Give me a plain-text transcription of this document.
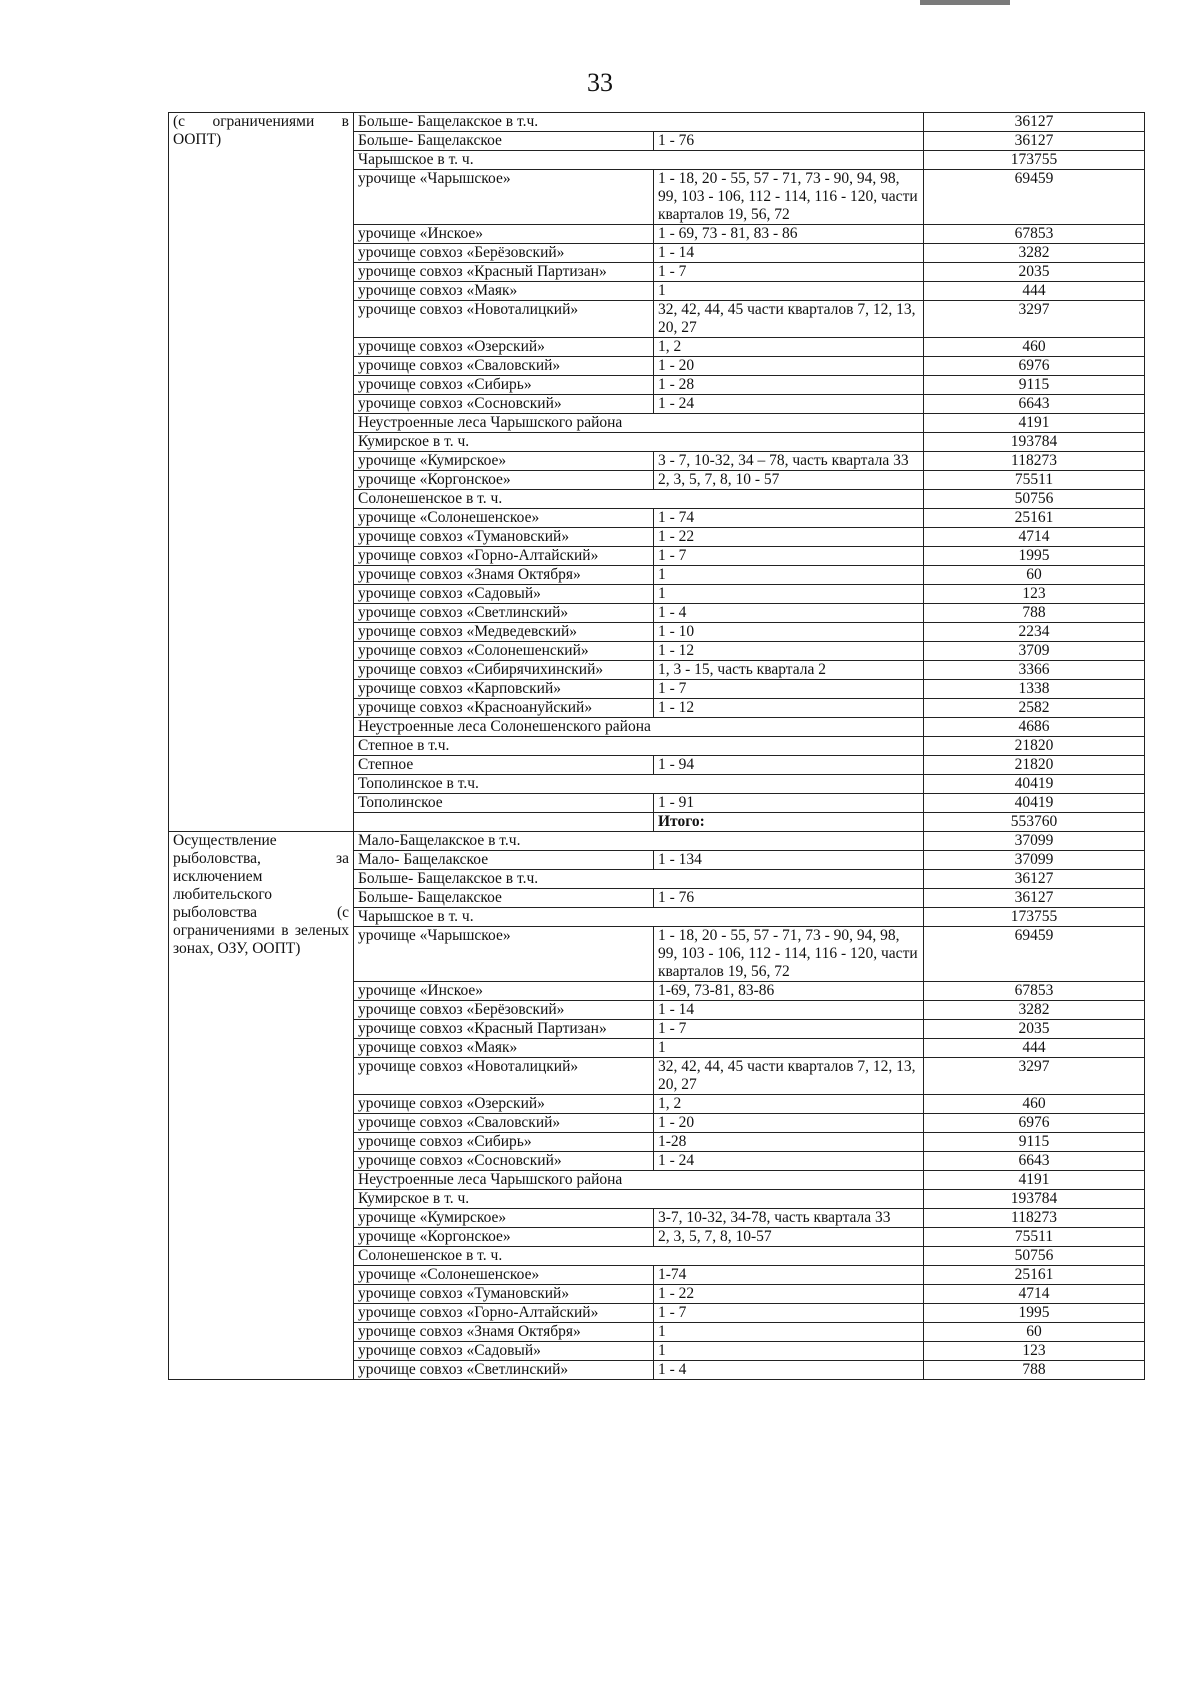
33
(с ограничениями в ООПТ)	Больше- Бащелакское в т.ч.		36127
	Больше- Бащелакское	1 - 76	36127
	Чарышское в т. ч.		173755
	урочище «Чарышское»	1 - 18, 20 - 55, 57 - 71, 73 - 90, 94, 98, 99, 103 - 106, 112 - 114, 116 - 120, части кварталов 19, 56, 72	69459
	урочище «Инское»	1 - 69, 73 - 81, 83 - 86	67853
	урочище совхоз «Берёзовский»	1 - 14	3282
	урочище совхоз «Красный Партизан»	1 - 7	2035
	урочище совхоз «Маяк»	1	444
	урочище совхоз «Новоталицкий»	32, 42, 44, 45 части кварталов 7, 12, 13, 20, 27	3297
	урочище совхоз «Озерский»	1, 2	460
	урочище совхоз «Сваловский»	1 - 20	6976
	урочище совхоз «Сибирь»	1 - 28	9115
	урочище совхоз «Сосновский»	1 - 24	6643
	Неустроенные леса Чарышского района		4191
	Кумирское в т. ч.		193784
	урочище «Кумирское»	3 - 7, 10-32, 34 – 78, часть квартала 33	118273
	урочище «Коргонское»	2, 3, 5, 7, 8, 10 - 57	75511
	Солонешенское в т. ч.		50756
	урочище «Солонешенское»	1 - 74	25161
	урочище совхоз «Тумановский»	1 - 22	4714
	урочище совхоз «Горно-Алтайский»	1 - 7	1995
	урочище совхоз «Знамя Октября»	1	60
	урочище совхоз «Садовый»	1	123
	урочище совхоз «Светлинский»	1 - 4	788
	урочище совхоз «Медведевский»	1 - 10	2234
	урочище совхоз «Солонешенский»	1 - 12	3709
	урочище совхоз «Сибирячихинский»	1, 3 - 15, часть квартала 2	3366
	урочище совхоз «Карповский»	1 - 7	1338
	урочище совхоз «Красноануйский»	1 - 12	2582
	Неустроенные леса Солонешенского района		4686
	Степное в т.ч.		21820
	Степное	1 - 94	21820
	Тополинское в т.ч.		40419
	Тополинское	1 - 91	40419
		Итого:	553760

Осуществление рыболовства, за исключением любительского рыболовства (с ограничениями в зеленых зонах, ОЗУ, ООПТ)	Мало-Бащелакское в т.ч.		37099
	Мало- Бащелакское	1 - 134	37099
	Больше- Бащелакское в т.ч.		36127
	Больше- Бащелакское	1 - 76	36127
	Чарышское в т. ч.		173755
	урочище «Чарышское»	1 - 18, 20 - 55, 57 - 71, 73 - 90, 94, 98, 99, 103 - 106, 112 - 114, 116 - 120, части кварталов 19, 56, 72	69459
	урочище «Инское»	1-69, 73-81, 83-86	67853
	урочище совхоз «Берёзовский»	1 - 14	3282
	урочище совхоз «Красный Партизан»	1 - 7	2035
	урочище совхоз «Маяк»	1	444
	урочище совхоз «Новоталицкий»	32, 42, 44, 45 части кварталов 7, 12, 13, 20, 27	3297
	урочище совхоз «Озерский»	1, 2	460
	урочище совхоз «Сваловский»	1 - 20	6976
	урочище совхоз «Сибирь»	1-28	9115
	урочище совхоз «Сосновский»	1 - 24	6643
	Неустроенные леса Чарышского района		4191
	Кумирское в т. ч.		193784
	урочище «Кумирское»	3-7, 10-32, 34-78, часть квартала 33	118273
	урочище «Коргонское»	2, 3, 5, 7, 8, 10-57	75511
	Солонешенское в т. ч.		50756
	урочище «Солонешенское»	1-74	25161
	урочище совхоз «Тумановский»	1 - 22	4714
	урочище совхоз «Горно-Алтайский»	1 - 7	1995
	урочище совхоз «Знамя Октября»	1	60
	урочище совхоз «Садовый»	1	123
	урочище совхоз «Светлинский»	1 - 4	788
